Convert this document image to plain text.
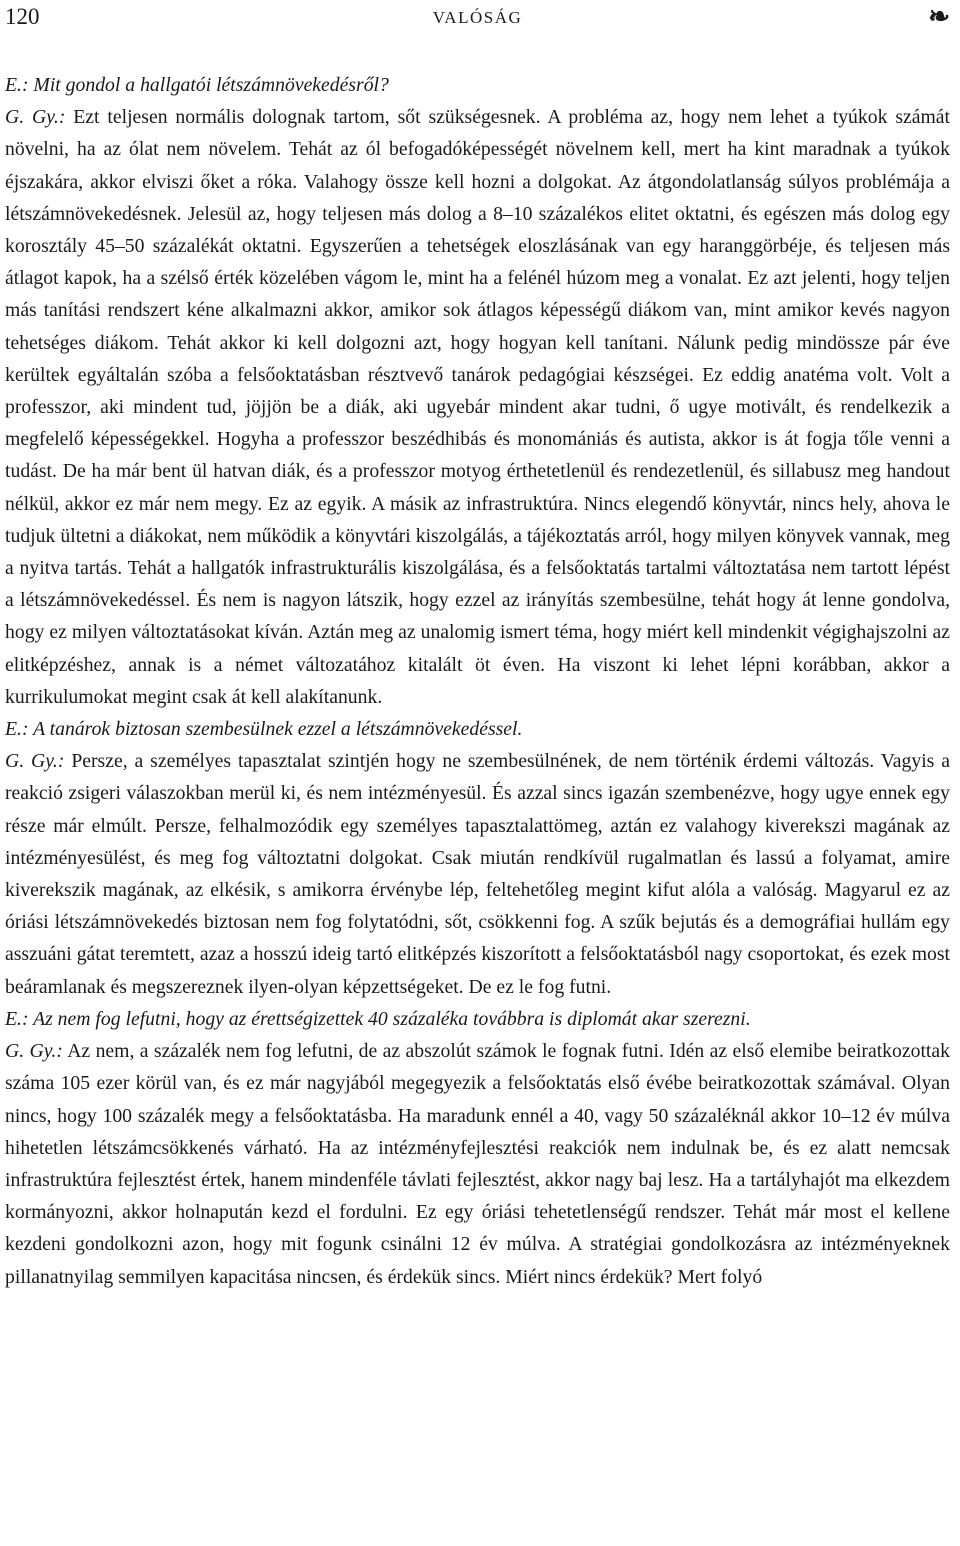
120	VALÓSÁG	❧

E.: Mit gondol a hallgatói létszámnövekedésről?

G. Gy.: Ezt teljesen normális dolognak tartom, sőt szükségesnek. A probléma az, hogy nem lehet a tyúkok számát növelni, ha az ólat nem növelem. Tehát az ól befogadóképességét növelnem kell, mert ha kint maradnak a tyúkok éjszakára, akkor elviszi őket a róka. Valahogy össze kell hozni a dolgokat. Az átgondolatlanság súlyos problémája a létszámnövekedésnek. Jelesül az, hogy teljesen más dolog a 8–10 százalékos elitet oktatni, és egészen más dolog egy korosztály 45–50 százalékát oktatni. Egyszerűen a tehetségek eloszlásának van egy haranggörbéje, és teljesen más átlagot kapok, ha a szélső érték közelében vágom le, mint ha a felénél húzom meg a vonalat. Ez azt jelenti, hogy teljen más tanítási rendszert kéne alkalmazni akkor, amikor sok átlagos képességű diákom van, mint amikor kevés nagyon tehetséges diákom. Tehát akkor ki kell dolgozni azt, hogy hogyan kell tanítani. Nálunk pedig mindössze pár éve kerültek egyáltalán szóba a felsőoktatásban résztvevő tanárok pedagógiai készségei. Ez eddig anatéma volt. Volt a professzor, aki mindent tud, jöjjön be a diák, aki ugyebár mindent akar tudni, ő ugye motivált, és rendelkezik a megfelelő képességekkel. Hogyha a professzor beszédhibás és monomániás és autista, akkor is át fogja tőle venni a tudást. De ha már bent ül hatvan diák, és a professzor motyog érthetetlenül és rendezetlenül, és sillabusz meg handout nélkül, akkor ez már nem megy. Ez az egyik. A másik az infrastruktúra. Nincs elegendő könyvtár, nincs hely, ahova le tudjuk ültetni a diákokat, nem működik a könyvtári kiszolgálás, a tájékoztatás arról, hogy milyen könyvek vannak, meg a nyitva tartás. Tehát a hallgatók infrastrukturális kiszolgálása, és a felsőoktatás tartalmi változtatása nem tartott lépést a létszámnövekedéssel. És nem is nagyon látszik, hogy ezzel az irányítás szembesülne, tehát hogy át lenne gondolva, hogy ez milyen változtatásokat kíván. Aztán meg az unalomig ismert téma, hogy miért kell mindenkit végighajszolni az elitképzéshez, annak is a német változatához kitalált öt éven. Ha viszont ki lehet lépni korábban, akkor a kurrikulumokat megint csak át kell alakítanunk.

E.: A tanárok biztosan szembesülnek ezzel a létszámnövekedéssel.

G. Gy.: Persze, a személyes tapasztalat szintjén hogy ne szembesülnének, de nem történik érdemi változás. Vagyis a reakció zsigeri válaszokban merül ki, és nem intézményesül. És azzal sincs igazán szembenézve, hogy ugye ennek egy része már elmúlt. Persze, felhalmozódik egy személyes tapasztalattömeg, aztán ez valahogy kiverekszi magának az intézményesülést, és meg fog változtatni dolgokat. Csak miután rendkívül rugalmatlan és lassú a folyamat, amire kiverekszik magának, az elkésik, s amikorra érvénybe lép, feltehetőleg megint kifut alóla a valóság. Magyarul ez az óriási létszámnövekedés biztosan nem fog folytatódni, sőt, csökkenni fog. A szűk bejutás és a demográfiai hullám egy asszuáni gátat teremtett, azaz a hosszú ideig tartó elitképzés kiszorított a felsőoktatásból nagy csoportokat, és ezek most beáramlanak és megszereznek ilyen-olyan képzettségeket. De ez le fog futni.

E.: Az nem fog lefutni, hogy az érettségizettek 40 százaléka továbbra is diplomát akar szerezni.

G. Gy.: Az nem, a százalék nem fog lefutni, de az abszolút számok le fognak futni. Idén az első elemibe beiratkozottak száma 105 ezer körül van, és ez már nagyjából megegyezik a felsőoktatás első évébe beiratkozottak számával. Olyan nincs, hogy 100 százalék megy a felsőoktatásba. Ha maradunk ennél a 40, vagy 50 százaléknál akkor 10–12 év múlva hihetetlen létszámcsökkenés várható. Ha az intézményfejlesztési reakciók nem indulnak be, és ez alatt nemcsak infrastruktúra fejlesztést értek, hanem mindenféle távlati fejlesztést, akkor nagy baj lesz. Ha a tartályhajót ma elkezdem kormányozni, akkor holnapután kezd el fordulni. Ez egy óriási tehetetlenségű rendszer. Tehát már most el kellene kezdeni gondolkozni azon, hogy mit fogunk csinálni 12 év múlva. A stratégiai gondolkozásra az intézményeknek pillanatnyilag semmilyen kapacitása nincsen, és érdekük sincs. Miért nincs érdekük? Mert folyó
